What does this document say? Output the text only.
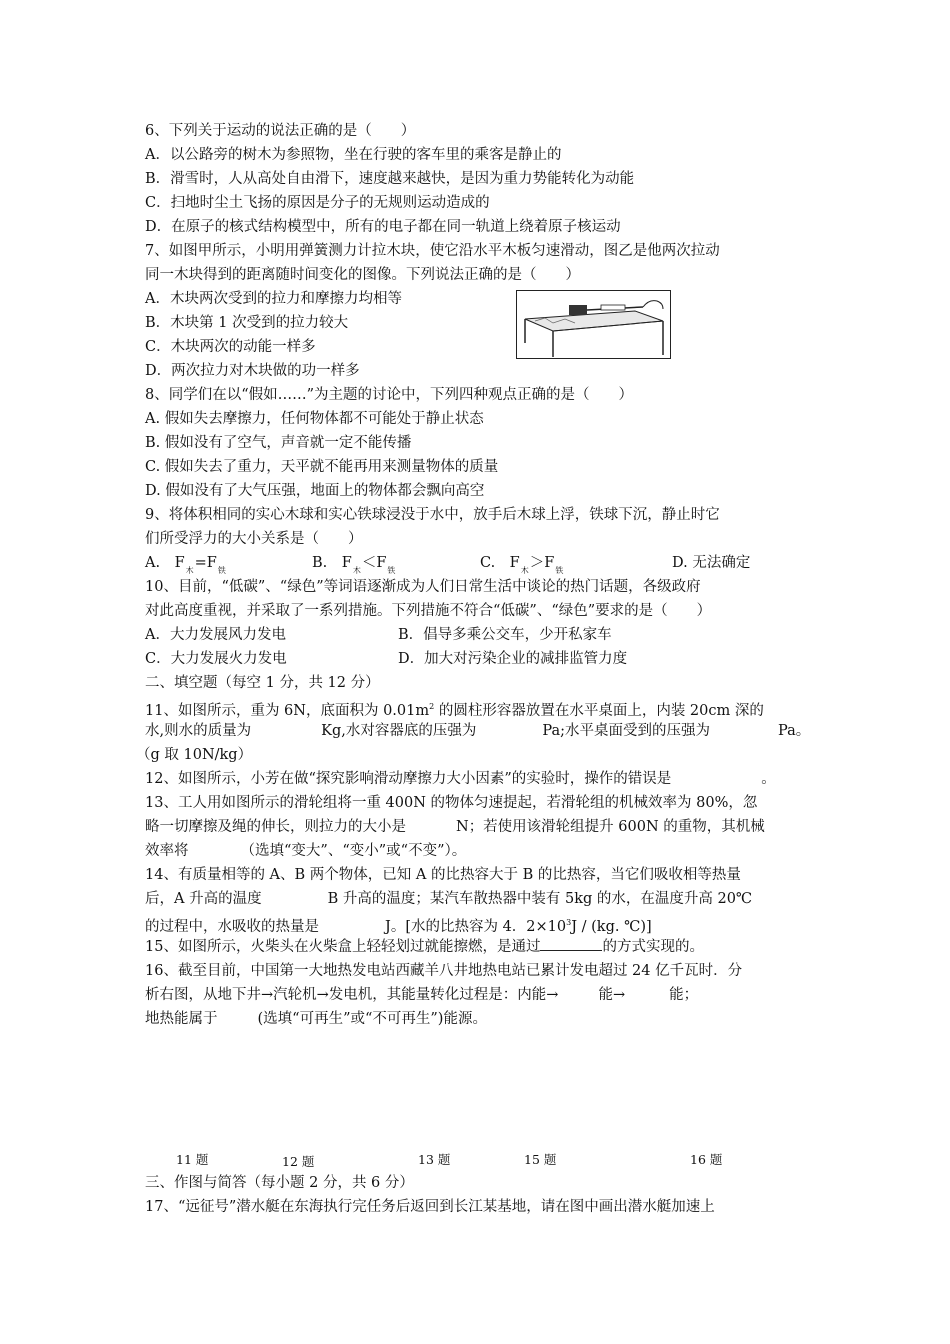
6、下列关于运动的说法正确的是（　　）
A．以公路旁的树木为参照物，坐在行驶的客车里的乘客是静止的
B．滑雪时，人从高处自由滑下，速度越来越快，是因为重力势能转化为动能
C．扫地时尘土飞扬的原因是分子的无规则运动造成的
D．在原子的核式结构模型中，所有的电子都在同一轨道上绕着原子核运动
7、如图甲所示，小明用弹簧测力计拉木块，使它沿水平木板匀速滑动，图乙是他两次拉动
同一木块得到的距离随时间变化的图像。下列说法正确的是（　　）
A．木块两次受到的拉力和摩擦力均相等
B．木块第 1 次受到的拉力较大
C．木块两次的动能一样多
D．两次拉力对木块做的功一样多
8、同学们在以“假如……”为主题的讨论中，下列四种观点正确的是（　　）
A. 假如失去摩擦力，任何物体都不可能处于静止状态
B. 假如没有了空气，声音就一定不能传播
C. 假如失去了重力，天平就不能再用来测量物体的质量
D. 假如没有了大气压强，地面上的物体都会飘向高空
9、将体积相同的实心木球和实心铁球浸没于水中，放手后木球上浮，铁球下沉，静止时它
们所受浮力的大小关系是（　　）
A.　$F_木=F_铁$	B.　$F_木<F_铁$	C.　$F_木>F_铁$	D. 无法确定
10、目前，“低碳”、“绿色”等词语逐渐成为人们日常生活中谈论的热门话题，各级政府
对此高度重视，并采取了一系列措施。下列措施不符合“低碳”、“绿色”要求的是（　　）
A．大力发展风力发电	B．倡导多乘公交车，少开私家车
C．大力发展火力发电	D．加大对污染企业的减排监管力度
二、填空题（每空 1 分，共 12 分）
11、如图所示，重为 6N，底面积为 $0.01m^2$ 的圆柱形容器放置在水平桌面上，内装 20cm 深的
水,则水的质量为	Kg,水对容器底的压强为	Pa;水平桌面受到的压强为	Pa。
（g 取 10N/kg）
12、如图所示，小芳在做“探究影响滑动摩擦力大小因素”的实验时，操作的错误是	。
13、工人用如图所示的滑轮组将一重 400N 的物体匀速提起，若滑轮组的机械效率为 80%，忽
略一切摩擦及绳的伸长，则拉力的大小是	N；若使用该滑轮组提升 600N 的重物，其机械
效率将	（选填“变大”、“变小”或“不变”）。
14、有质量相等的 A、B 两个物体，已知 A 的比热容大于 B 的比热容，当它们吸收相等热量
后，A 升高的温度	B 升高的温度；某汽车散热器中装有 5kg 的水，在温度升高 20℃
的过程中，水吸收的热量是	J。[水的比热容为 4．$2\times 10^3J / (kg$. ℃)]
15、如图所示，火柴头在火柴盒上轻轻划过就能擦燃，是通过	的方式实现的。
16、截至目前，中国第一大地热发电站西藏羊八井地热电站已累计发电超过 24 亿千瓦时．分
析右图，从地下井→汽轮机→发电机，其能量转化过程是：内能→	能→	能；
地热能属于	(选填“可再生”或“不可再生”)能源。
11 题	12 题	13 题	15 题	16 题
三、作图与简答（每小题 2 分，共 6 分）
17、“远征号”潜水艇在东海执行完任务后返回到长江某基地，请在图中画出潜水艇加速上
